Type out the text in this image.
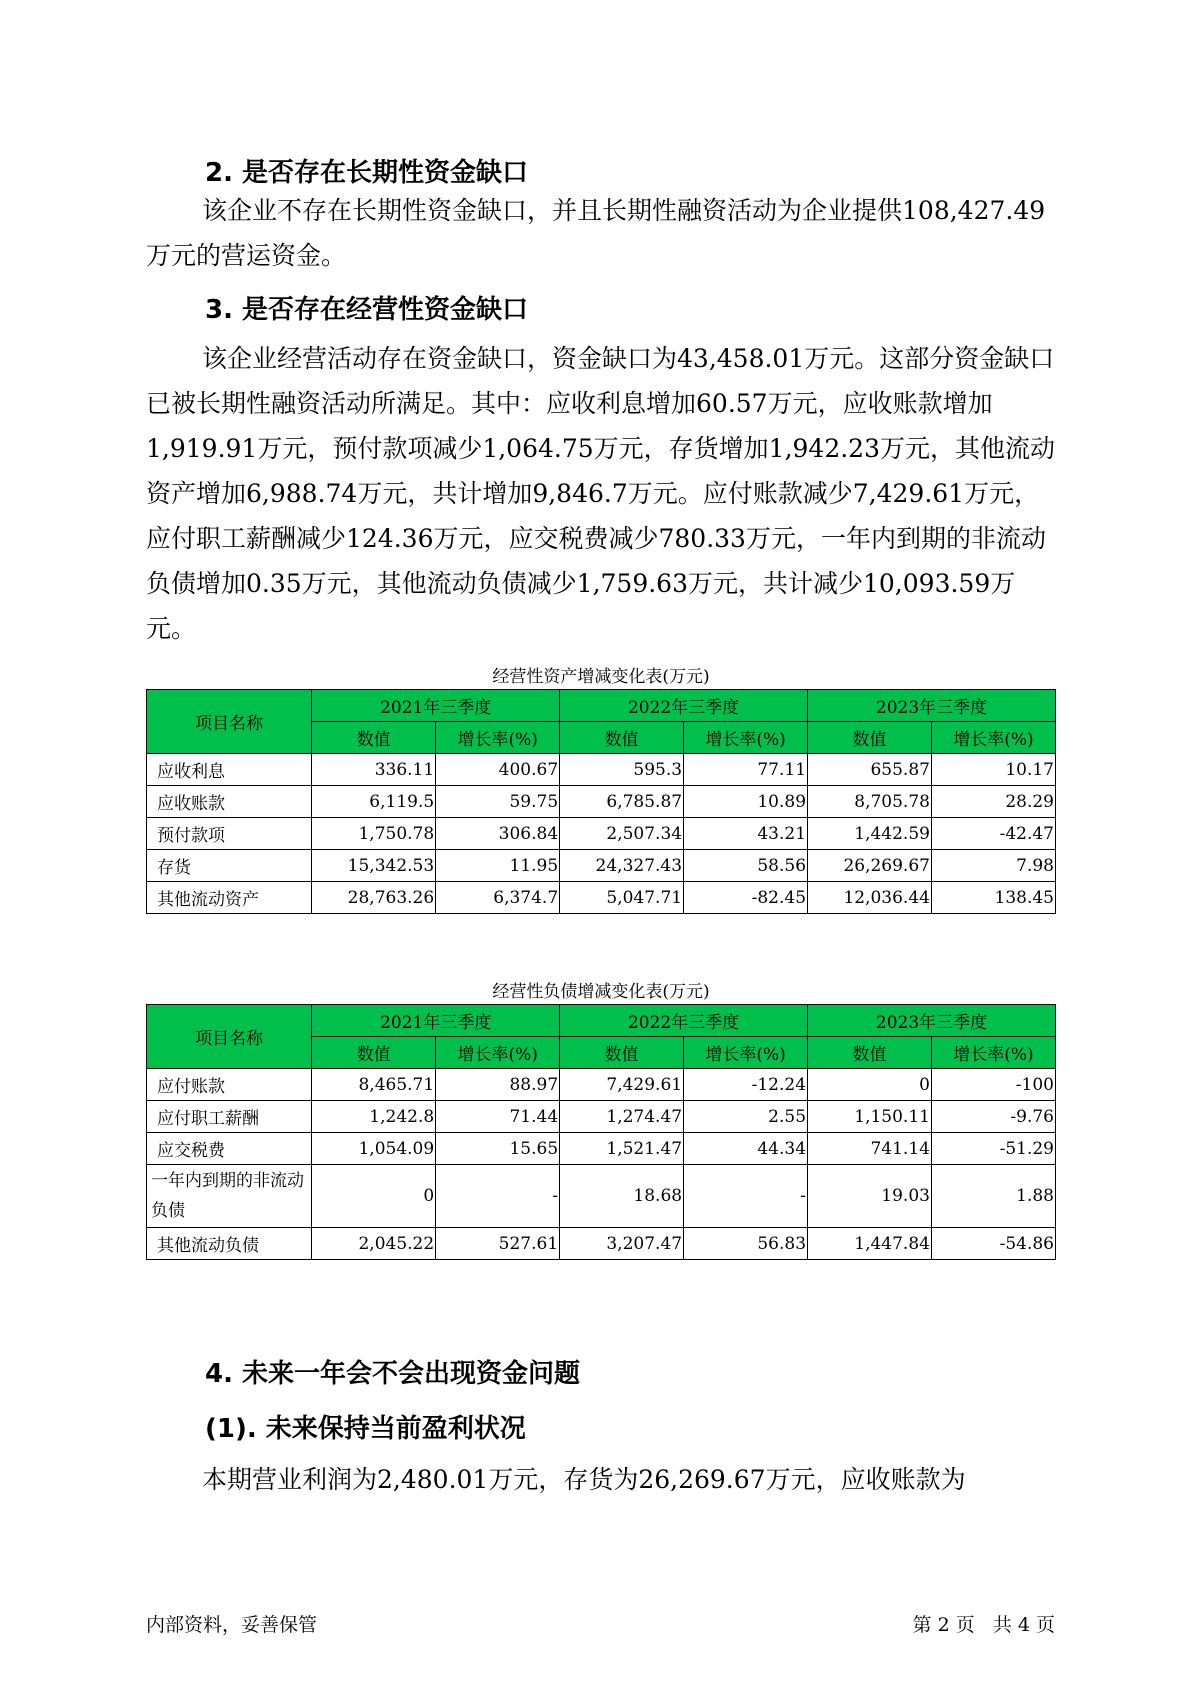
2. 是否存在长期性资金缺口

该企业不存在长期性资金缺口，并且长期性融资活动为企业提供108,427.49万元的营运资金。

3. 是否存在经营性资金缺口

该企业经营活动存在资金缺口，资金缺口为43,458.01万元。这部分资金缺口已被长期性融资活动所满足。其中：应收利息增加60.57万元，应收账款增加1,919.91万元，预付款项减少1,064.75万元，存货增加1,942.23万元，其他流动资产增加6,988.74万元，共计增加9,846.7万元。应付账款减少7,429.61万元，应付职工薪酬减少124.36万元，应交税费减少780.33万元，一年内到期的非流动负债增加0.35万元，其他流动负债减少1,759.63万元，共计减少10,093.59万元。

经营性资产增减变化表(万元)

项目名称	2021年三季度		2022年三季度		2023年三季度	
	数值	增长率(%)	数值	增长率(%)	数值	增长率(%)
应收利息	336.11	400.67	595.3	77.11	655.87	10.17
应收账款	6,119.5	59.75	6,785.87	10.89	8,705.78	28.29
预付款项	1,750.78	306.84	2,507.34	43.21	1,442.59	-42.47
存货	15,342.53	11.95	24,327.43	58.56	26,269.67	7.98
其他流动资产	28,763.26	6,374.7	5,047.71	-82.45	12,036.44	138.45

经营性负债增减变化表(万元)

项目名称	2021年三季度		2022年三季度		2023年三季度	
	数值	增长率(%)	数值	增长率(%)	数值	增长率(%)
应付账款	8,465.71	88.97	7,429.61	-12.24	0	-100
应付职工薪酬	1,242.8	71.44	1,274.47	2.55	1,150.11	-9.76
应交税费	1,054.09	15.65	1,521.47	44.34	741.14	-51.29
一年内到期的非流动负债	0	-	18.68	-	19.03	1.88
其他流动负债	2,045.22	527.61	3,207.47	56.83	1,447.84	-54.86
4. 未来一年会不会出现资金问题
(1). 未来保持当前盈利状况

本期营业利润为2,480.01万元，存货为26,269.67万元，应收账款为

内部资料，妥善保管	第 2 页   共 4 页
